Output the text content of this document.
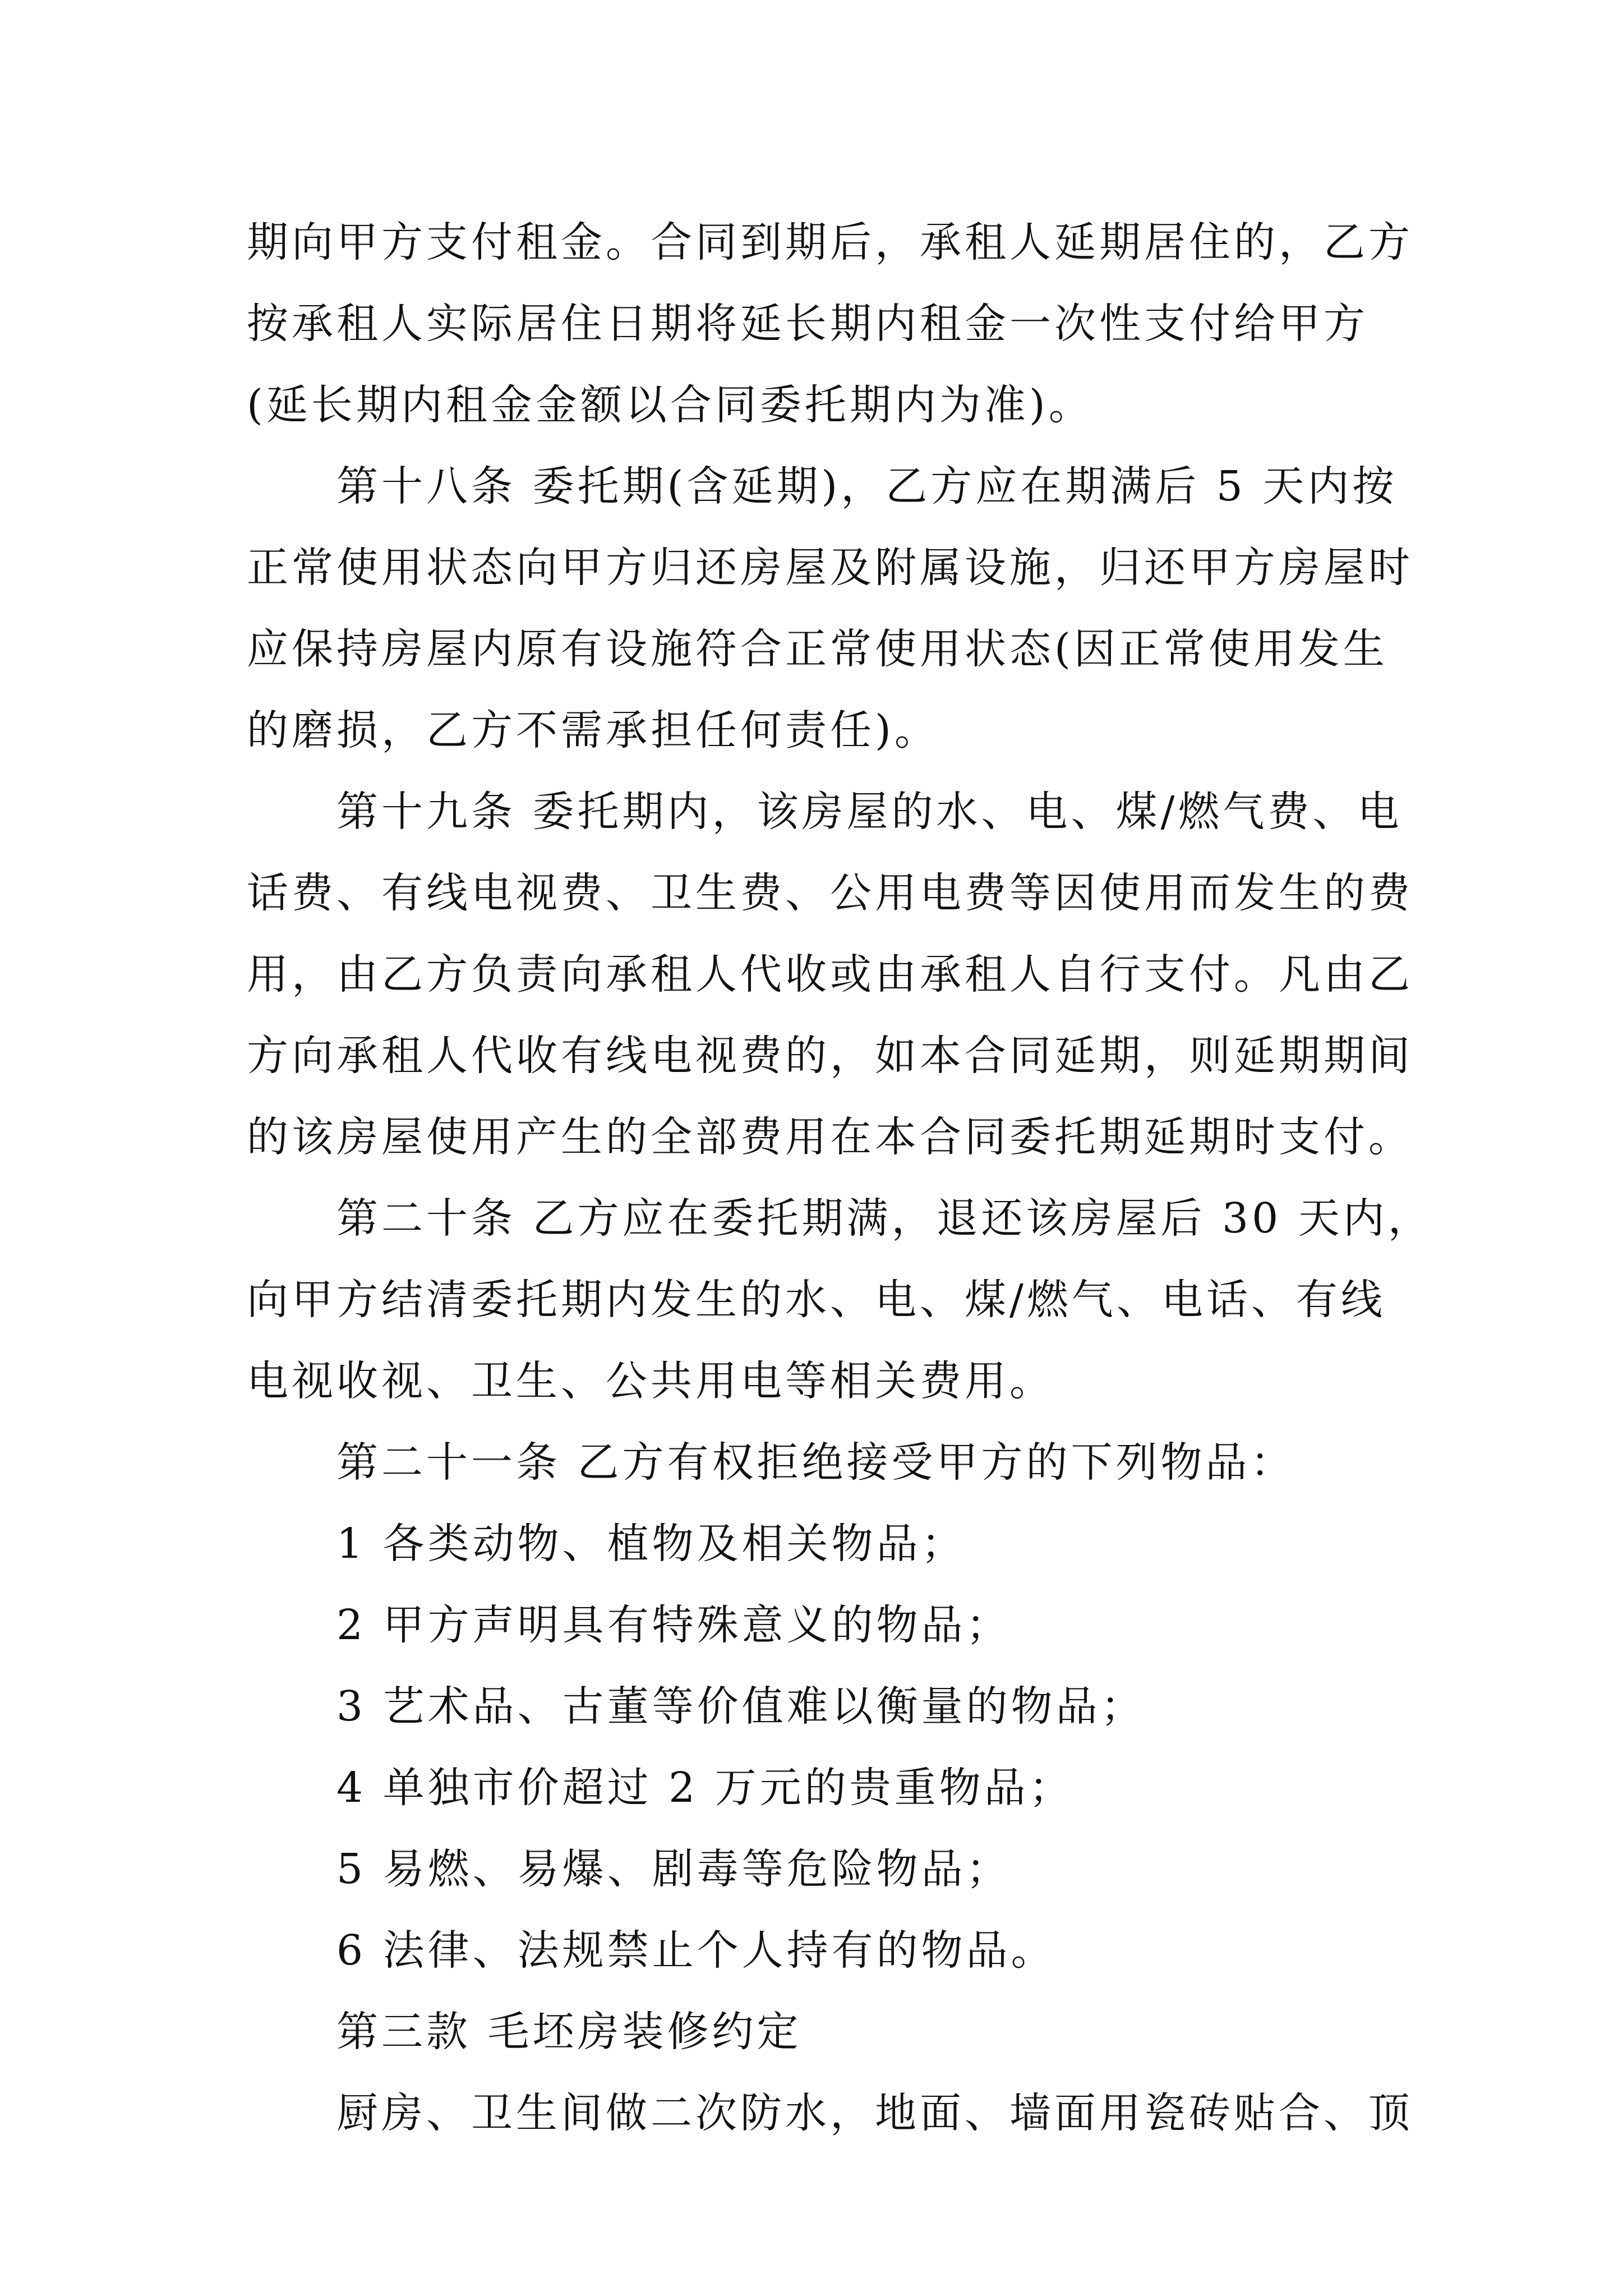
期向甲方支付租金。合同到期后，承租人延期居住的，乙方
按承租人实际居住日期将延长期内租金一次性支付给甲方
(延长期内租金金额以合同委托期内为准)。
第十八条 委托期(含延期)，乙方应在期满后 5 天内按
正常使用状态向甲方归还房屋及附属设施，归还甲方房屋时
应保持房屋内原有设施符合正常使用状态(因正常使用发生
的磨损，乙方不需承担任何责任)。
第十九条 委托期内，该房屋的水、电、煤/燃气费、电
话费、有线电视费、卫生费、公用电费等因使用而发生的费
用，由乙方负责向承租人代收或由承租人自行支付。凡由乙
方向承租人代收有线电视费的，如本合同延期，则延期期间
的该房屋使用产生的全部费用在本合同委托期延期时支付。
第二十条 乙方应在委托期满，退还该房屋后 30 天内，
向甲方结清委托期内发生的水、电、煤/燃气、电话、有线
电视收视、卫生、公共用电等相关费用。
第二十一条 乙方有权拒绝接受甲方的下列物品：
1 各类动物、植物及相关物品；
2 甲方声明具有特殊意义的物品；
3 艺术品、古董等价值难以衡量的物品；
4 单独市价超过 2 万元的贵重物品；
5 易燃、易爆、剧毒等危险物品；
6 法律、法规禁止个人持有的物品。
第三款 毛坯房装修约定
厨房、卫生间做二次防水，地面、墙面用瓷砖贴合、顶
